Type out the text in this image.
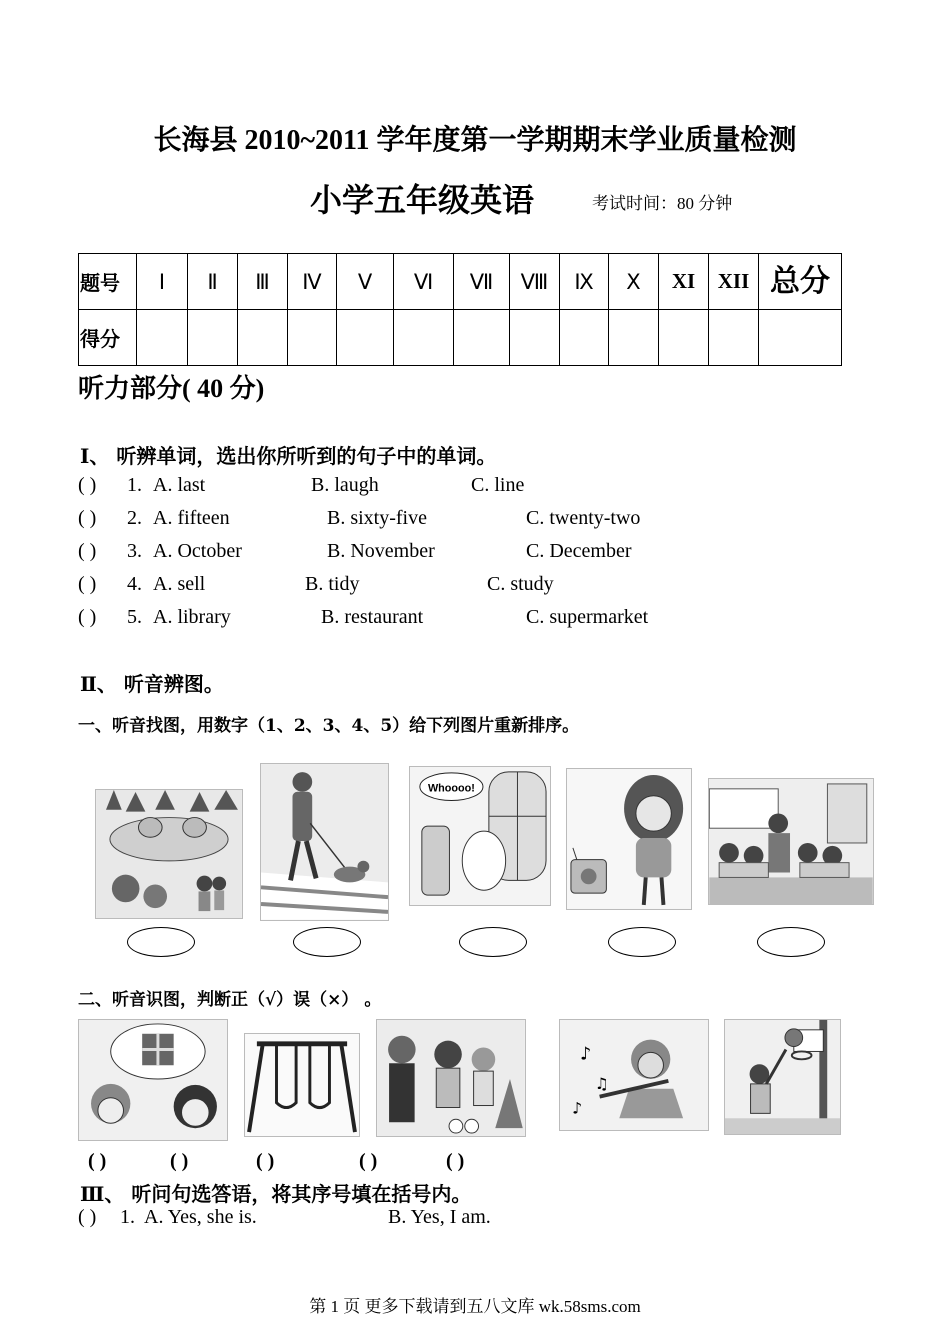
长海县 2010~2011 学年度第一学期期末学业质量检测
小学五年级英语	考试时间：80 分钟
题号	Ⅰ	Ⅱ	Ⅲ	Ⅳ	Ⅴ	Ⅵ	Ⅶ	Ⅷ	Ⅸ	Ⅹ	XI	XII	总分
得分													
听力部分( 40 分)
Ⅰ、 听辨单词，选出你所听到的句子中的单词。
( ) 1. A. last	B. laugh	C. line
( ) 2. A. fifteen	B. sixty-five	C. twenty-two
( ) 3. A. October	B. November	C. December
( ) 4. A. sell	B. tidy	C. study
( ) 5. A. library	B. restaurant	C. supermarket
Ⅱ、 听音辨图。
一、听音找图，用数字（1、2、3、4、5）给下列图片重新排序。
Whoooo!
二、听音识图，判断正（√）误（×） 。
♪
♫
♪
( )	( )	( )	( )	( )
Ⅲ、 听问句选答语，将其序号填在括号内。
( ) 1. A. Yes, she is.	B. Yes, I am.
第 1 页 更多下载请到五八文库 wk.58sms.com
